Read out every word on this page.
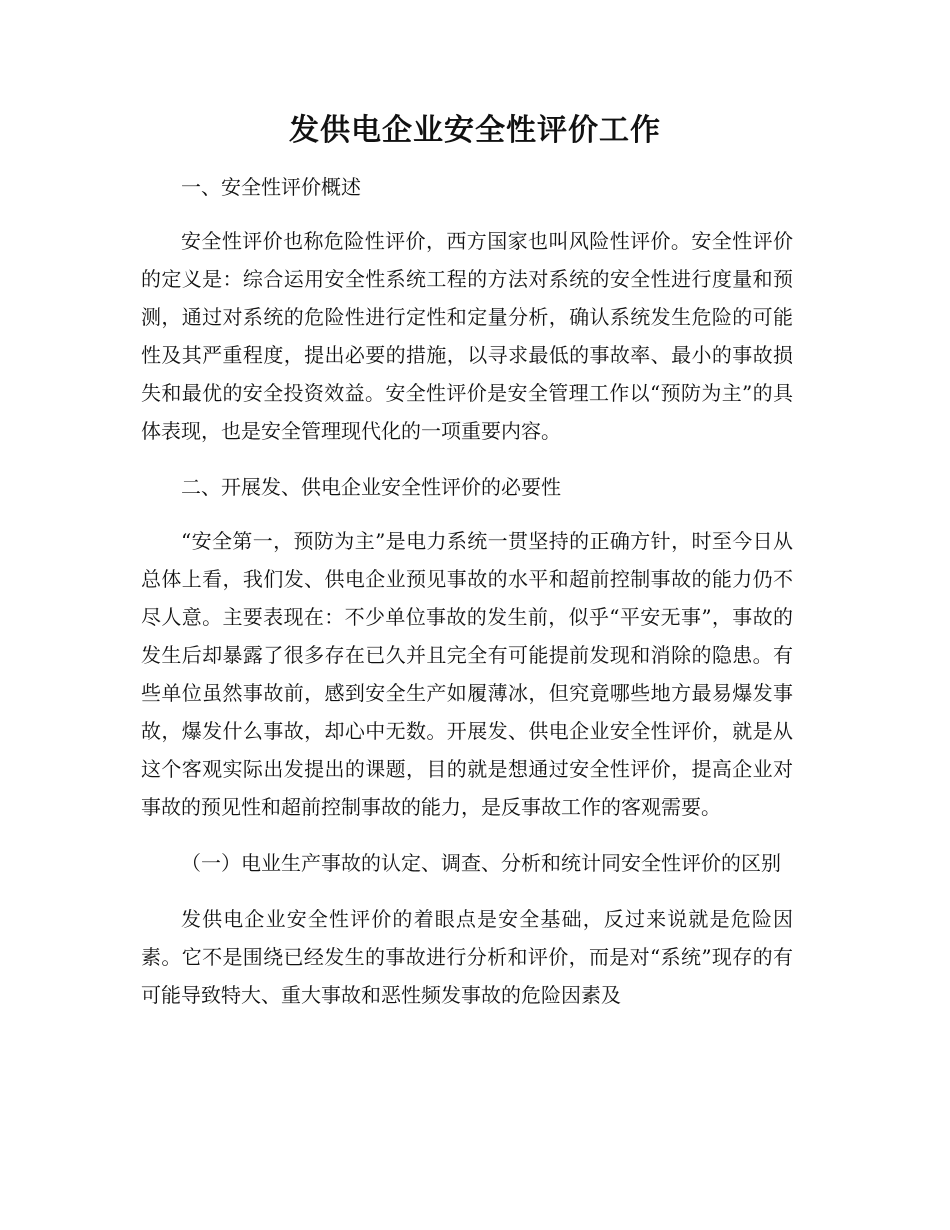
发供电企业安全性评价工作

一、安全性评价概述

安全性评价也称危险性评价，西方国家也叫风险性评价。安全性评价的定义是：综合运用安全性系统工程的方法对系统的安全性进行度量和预测，通过对系统的危险性进行定性和定量分析，确认系统发生危险的可能性及其严重程度，提出必要的措施，以寻求最低的事故率、最小的事故损失和最优的安全投资效益。安全性评价是安全管理工作以“预防为主”的具体表现，也是安全管理现代化的一项重要内容。

二、开展发、供电企业安全性评价的必要性

“安全第一，预防为主”是电力系统一贯坚持的正确方针，时至今日从总体上看，我们发、供电企业预见事故的水平和超前控制事故的能力仍不尽人意。主要表现在：不少单位事故的发生前，似乎“平安无事”，事故的发生后却暴露了很多存在已久并且完全有可能提前发现和消除的隐患。有些单位虽然事故前，感到安全生产如履薄冰，但究竟哪些地方最易爆发事故，爆发什么事故，却心中无数。开展发、供电企业安全性评价，就是从这个客观实际出发提出的课题，目的就是想通过安全性评价，提高企业对事故的预见性和超前控制事故的能力，是反事故工作的客观需要。

（一）电业生产事故的认定、调查、分析和统计同安全性评价的区别

发供电企业安全性评价的着眼点是安全基础，反过来说就是危险因素。它不是围绕已经发生的事故进行分析和评价，而是对“系统”现存的有可能导致特大、重大事故和恶性频发事故的危险因素及
